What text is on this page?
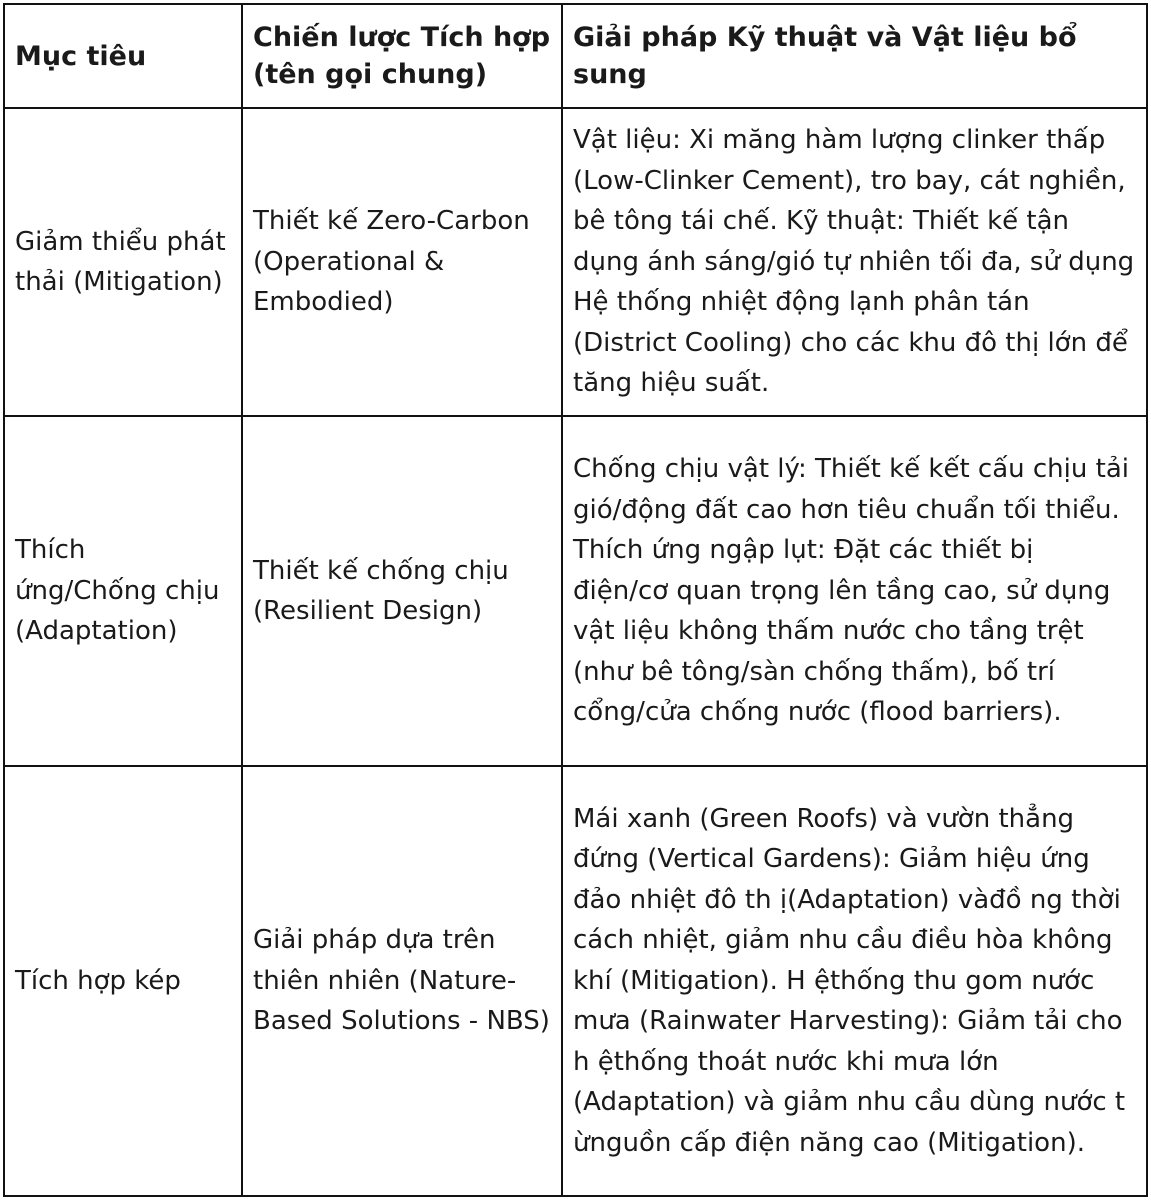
Mục tiêu	Chiến lược Tích hợp (tên gọi chung)	Giải pháp Kỹ thuật và Vật liệu bổ sung
Giảm thiểu phát thải (Mitigation)	Thiết kế Zero-Carbon (Operational & Embodied)	Vật liệu: Xi măng hàm lượng clinker thấp (Low-Clinker Cement), tro bay, cát nghiền, bê tông tái chế. Kỹ thuật: Thiết kế tận dụng ánh sáng/gió tự nhiên tối đa, sử dụng Hệ thống nhiệt động lạnh phân tán (District Cooling) cho các khu đô thị lớn để tăng hiệu suất.
Thích ứng/Chống chịu (Adaptation)	Thiết kế chống chịu (Resilient Design)	Chống chịu vật lý: Thiết kế kết cấu chịu tải gió/động đất cao hơn tiêu chuẩn tối thiểu. Thích ứng ngập lụt: Đặt các thiết bị điện/cơ quan trọng lên tầng cao, sử dụng vật liệu không thấm nước cho tầng trệt (như bê tông/sàn chống thấm), bố trí cổng/cửa chống nước (flood barriers).
Tích hợp kép	Giải pháp dựa trên thiên nhiên (Nature-Based Solutions - NBS)	Mái xanh (Green Roofs) và vườn thẳng đứng (Vertical Gardens): Giảm hiệu ứng đảo nhiệt đô th ị(Adaptation) vàđồ ng thời cách nhiệt, giảm nhu cầu điều hòa không khí (Mitigation). H ệthống thu gom nước mưa (Rainwater Harvesting): Giảm tải cho h ệthống thoát nước khi mưa lớn (Adaptation) và giảm nhu cầu dùng nước t ừnguồn cấp điện năng cao (Mitigation).
